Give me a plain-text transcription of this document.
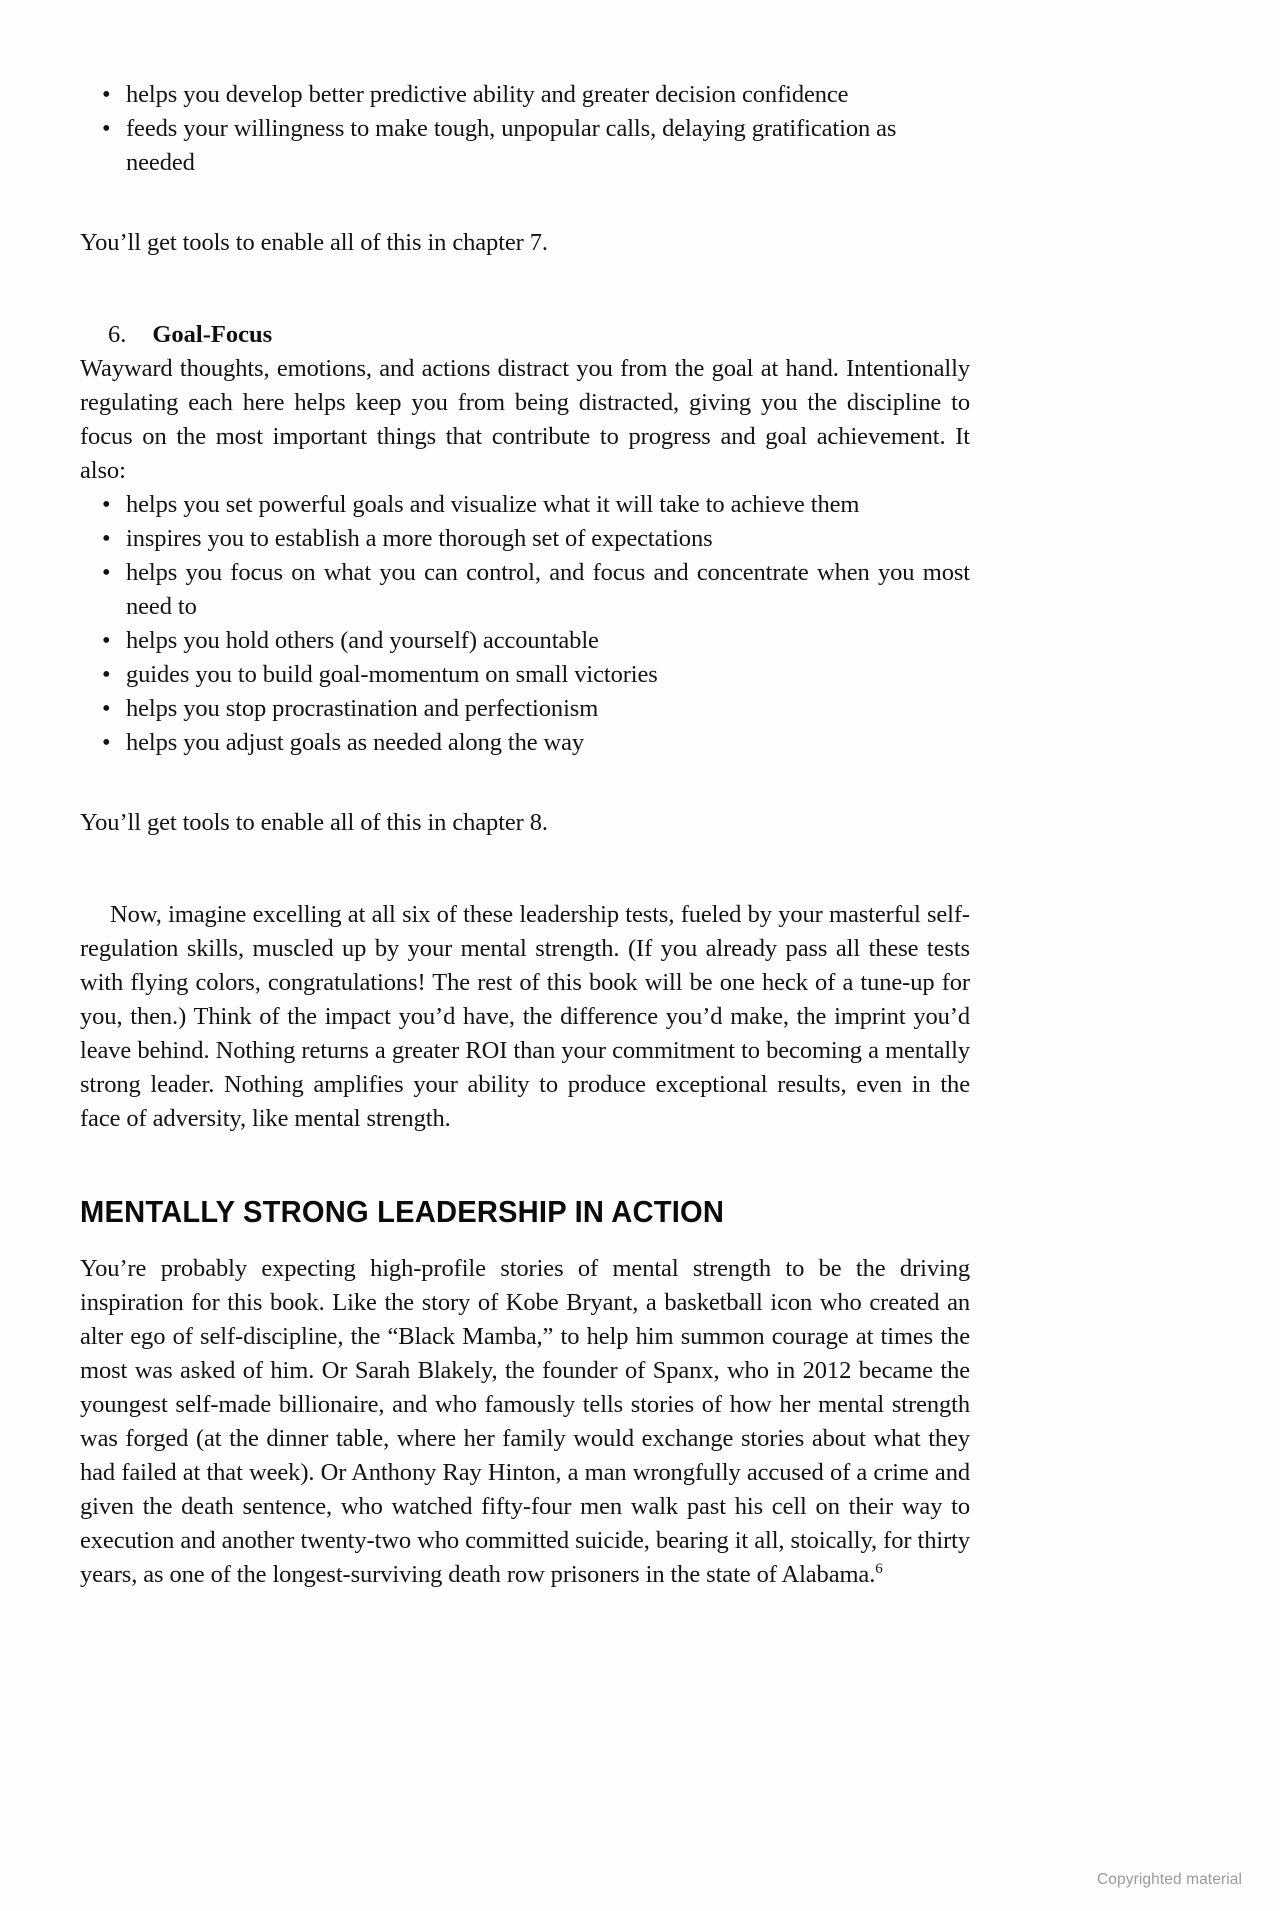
• helps you develop better predictive ability and greater decision confidence
• feeds your willingness to make tough, unpopular calls, delaying gratification as needed

You’ll get tools to enable all of this in chapter 7.

6. Goal-Focus

Wayward thoughts, emotions, and actions distract you from the goal at hand. Intentionally regulating each here helps keep you from being distracted, giving you the discipline to focus on the most important things that contribute to progress and goal achievement. It also:

• helps you set powerful goals and visualize what it will take to achieve them
• inspires you to establish a more thorough set of expectations
• helps you focus on what you can control, and focus and concentrate when you most need to
• helps you hold others (and yourself) accountable
• guides you to build goal-momentum on small victories
• helps you stop procrastination and perfectionism
• helps you adjust goals as needed along the way

You’ll get tools to enable all of this in chapter 8.

Now, imagine excelling at all six of these leadership tests, fueled by your masterful self-regulation skills, muscled up by your mental strength. (If you already pass all these tests with flying colors, congratulations! The rest of this book will be one heck of a tune-up for you, then.) Think of the impact you’d have, the difference you’d make, the imprint you’d leave behind. Nothing returns a greater ROI than your commitment to becoming a mentally strong leader. Nothing amplifies your ability to produce exceptional results, even in the face of adversity, like mental strength.

MENTALLY STRONG LEADERSHIP IN ACTION

You’re probably expecting high-profile stories of mental strength to be the driving inspiration for this book. Like the story of Kobe Bryant, a basketball icon who created an alter ego of self-discipline, the “Black Mamba,” to help him summon courage at times the most was asked of him. Or Sarah Blakely, the founder of Spanx, who in 2012 became the youngest self-made billionaire, and who famously tells stories of how her mental strength was forged (at the dinner table, where her family would exchange stories about what they had failed at that week). Or Anthony Ray Hinton, a man wrongfully accused of a crime and given the death sentence, who watched fifty-four men walk past his cell on their way to execution and another twenty-two who committed suicide, bearing it all, stoically, for thirty years, as one of the longest-surviving death row prisoners in the state of Alabama.$^6$

Copyrighted material
